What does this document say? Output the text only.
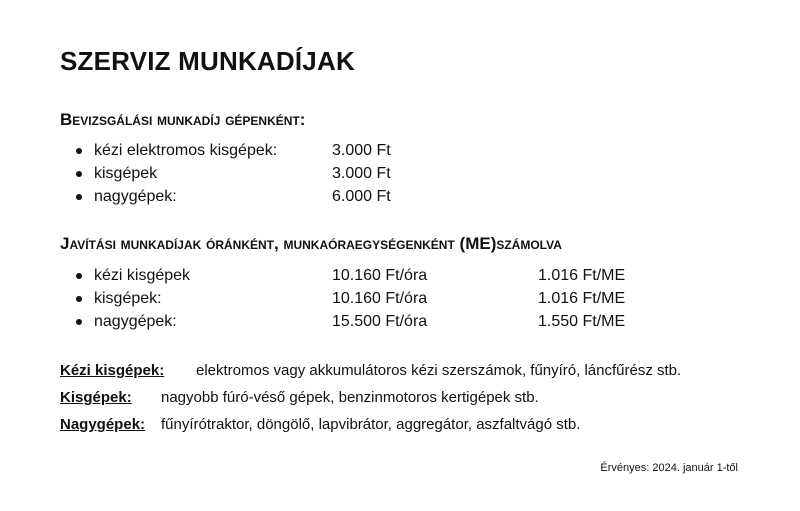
SZERVIZ MUNKADÍJAK
Bevizsgálási munkadíj gépenként:
kézi elektromos kisgépek:	3.000 Ft
kisgépek	3.000 Ft
nagygépek:	6.000 Ft
Javítási munkadíjak óránként, munkaóraegységenként (ME)számolva
kézi kisgépek	10.160 Ft/óra	1.016 Ft/ME
kisgépek:	10.160 Ft/óra	1.016 Ft/ME
nagygépek:	15.500 Ft/óra	1.550 Ft/ME
Kézi kisgépek: elektromos vagy akkumulátoros kézi szerszámok, fűnyíró, láncfűrész stb.
Kisgépek: nagyobb fúró-véső gépek, benzinmotoros kertigépek stb.
Nagygépek: fűnyírótraktor, döngölő, lapvibrátor, aggregátor, aszfaltvágó stb.
Érvényes: 2024. január 1-től
